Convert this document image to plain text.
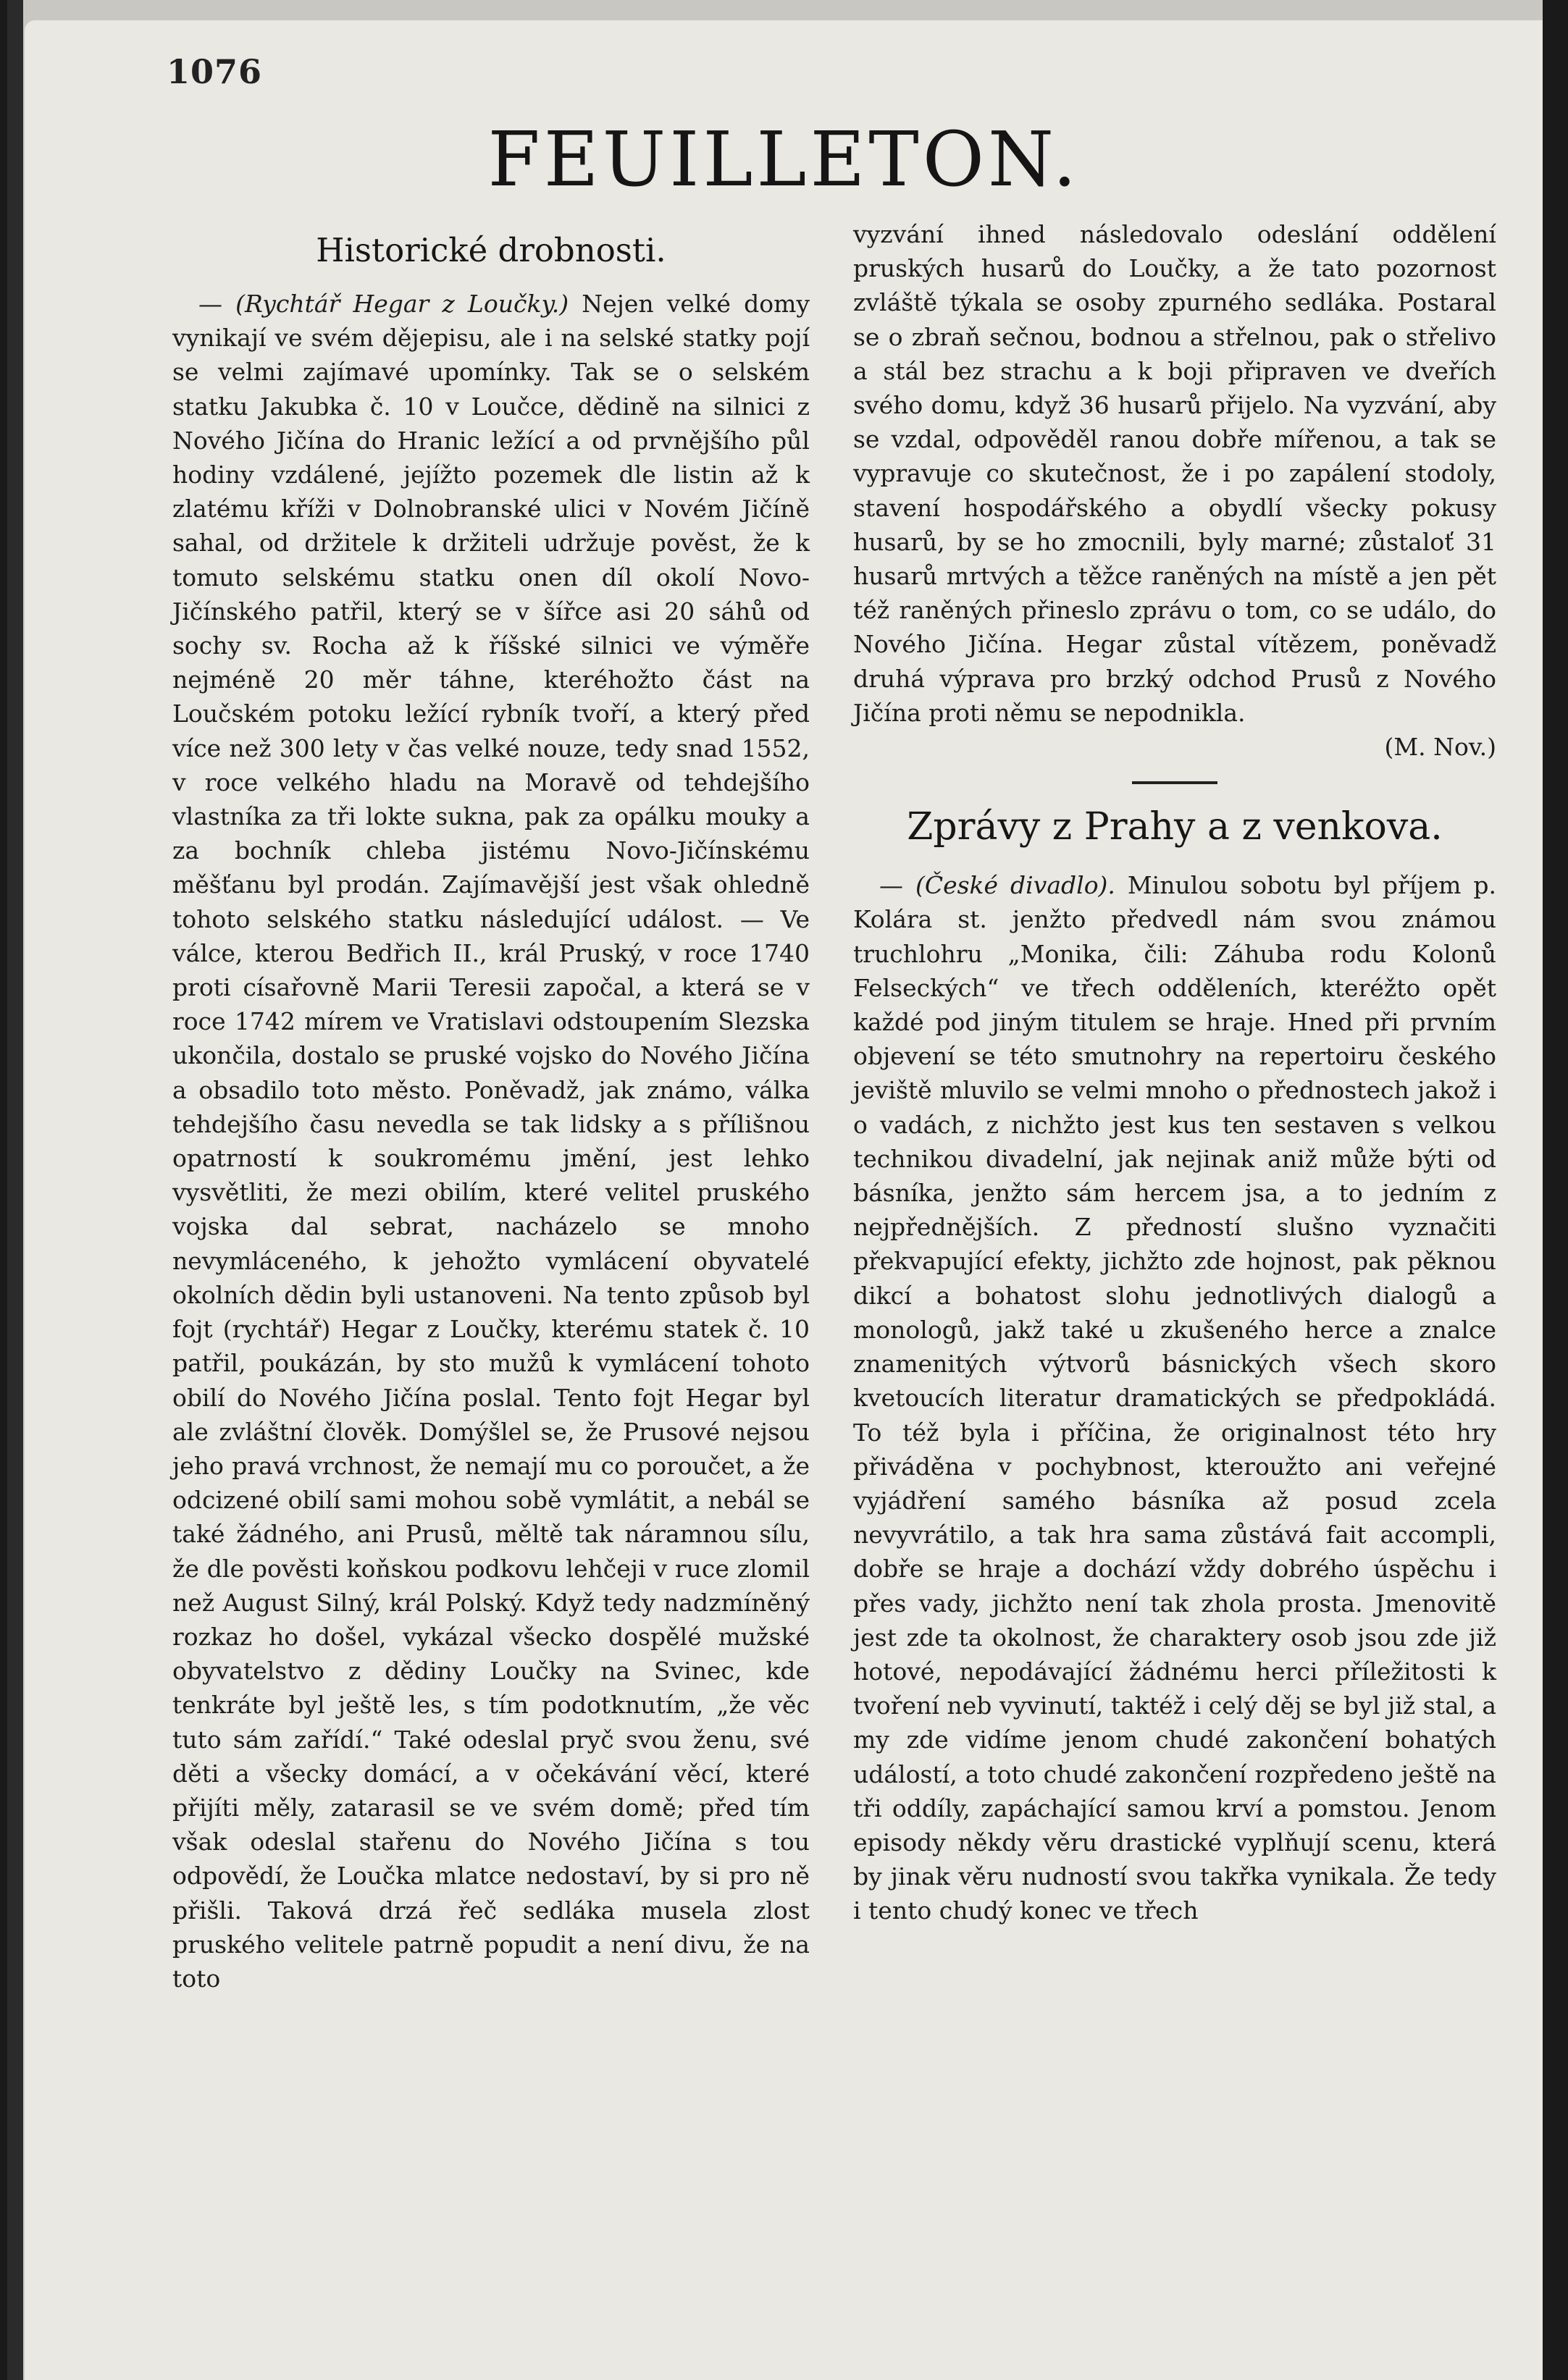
1076
FEUILLETON.
Historické drobnosti.

— (Rychtář Hegar z Loučky.) Nejen velké domy vynikají ve svém dějepisu, ale i na selské statky pojí se velmi zajímavé upomínky. Tak se o selském statku Jakubka č. 10 v Loučce, dědině na silnici z Nového Jičína do Hranic ležící a od prvnějšího půl hodiny vzdálené, jejížto pozemek dle listin až k zlatému kříži v Dolnobranské ulici v Novém Jičíně sahal, od držitele k držiteli udržuje pověst, že k tomuto selskému statku onen díl okolí Novo-Jičínského patřil, který se v šířce asi 20 sáhů od sochy sv. Rocha až k říšské silnici ve výměře nejméně 20 měr táhne, kteréhožto část na Loučském potoku ležící rybník tvoří, a který před více než 300 lety v čas velké nouze, tedy snad 1552, v roce velkého hladu na Moravě od tehdejšího vlastníka za tři lokte sukna, pak za opálku mouky a za bochník chleba jistému Novo-Jičínskému měšťanu byl prodán. Zajímavější jest však ohledně tohoto selského statku následující událost. — Ve válce, kterou Bedřich II., král Pruský, v roce 1740 proti císařovně Marii Teresii započal, a která se v roce 1742 mírem ve Vratislavi odstoupením Slezska ukončila, dostalo se pruské vojsko do Nového Jičína a obsadilo toto město. Poněvadž, jak známo, válka tehdejšího času nevedla se tak lidsky a s přílišnou opatrností k soukromému jmění, jest lehko vysvětliti, že mezi obilím, které velitel pruského vojska dal sebrat, nacházelo se mnoho nevymláceného, k jehožto vymlácení obyvatelé okolních dědin byli ustanoveni. Na tento způsob byl fojt (rychtář) Hegar z Loučky, kterému statek č. 10 patřil, poukázán, by sto mužů k vymlácení tohoto obilí do Nového Jičína poslal. Tento fojt Hegar byl ale zvláštní člověk. Domýšlel se, že Prusové nejsou jeho pravá vrchnost, že nemají mu co poroučet, a že odcizené obilí sami mohou sobě vymlátit, a nebál se také žádného, ani Prusů, měltě tak náramnou sílu, že dle pověsti koňskou podkovu lehčeji v ruce zlomil než August Silný, král Polský. Když tedy nadzmíněný rozkaz ho došel, vykázal všecko dospělé mužské obyvatelstvo z dědiny Loučky na Svinec, kde tenkráte byl ještě les, s tím podotknutím, „že věc tuto sám zařídí.“ Také odeslal pryč svou ženu, své děti a všecky domácí, a v očekávání věcí, které přijíti měly, zatarasil se ve svém domě; před tím však odeslal stařenu do Nového Jičína s tou odpovědí, že Loučka mlatce nedostaví, by si pro ně přišli. Taková drzá řeč sedláka musela zlost pruského velitele patrně popudit a není divu, že na toto

vyzvání ihned následovalo odeslání oddělení pruských husarů do Loučky, a že tato pozornost zvláště týkala se osoby zpurného sedláka. Postaral se o zbraň sečnou, bodnou a střelnou, pak o střelivo a stál bez strachu a k boji připraven ve dveřích svého domu, když 36 husarů přijelo. Na vyzvání, aby se vzdal, odpověděl ranou dobře mířenou, a tak se vypravuje co skutečnost, že i po zapálení stodoly, stavení hospodářského a obydlí všecky pokusy husarů, by se ho zmocnili, byly marné; zůstaloť 31 husarů mrtvých a těžce raněných na místě a jen pět též raněných přineslo zprávu o tom, co se událo, do Nového Jičína. Hegar zůstal vítězem, poněvadž druhá výprava pro brzký odchod Prusů z Nového Jičína proti němu se nepodnikla.
(M. Nov.)

Zprávy z Prahy a z venkova.

— (České divadlo). Minulou sobotu byl příjem p. Kolára st. jenžto předvedl nám svou známou truchlohru „Monika, čili: Záhuba rodu Kolonů Felseckých“ ve třech odděleních, kteréžto opět každé pod jiným titulem se hraje. Hned při prvním objevení se této smutnohry na repertoiru českého jeviště mluvilo se velmi mnoho o přednostech jakož i o vadách, z nichžto jest kus ten sestaven s velkou technikou divadelní, jak nejinak aniž může býti od básníka, jenžto sám hercem jsa, a to jedním z nejpřednějších. Z předností slušno vyznačiti překvapující efekty, jichžto zde hojnost, pak pěknou dikcí a bohatost slohu jednotlivých dialogů a monologů, jakž také u zkušeného herce a znalce znamenitých výtvorů básnických všech skoro kvetoucích literatur dramatických se předpokládá. To též byla i příčina, že originalnost této hry přiváděna v pochybnost, kteroužto ani veřejné vyjádření samého básníka až posud zcela nevyvrátilo, a tak hra sama zůstává fait accompli, dobře se hraje a dochází vždy dobrého úspěchu i přes vady, jichžto není tak zhola prosta. Jmenovitě jest zde ta okolnost, že charaktery osob jsou zde již hotové, nepodávající žádnému herci příležitosti k tvoření neb vyvinutí, taktéž i celý děj se byl již stal, a my zde vidíme jenom chudé zakončení bohatých událostí, a toto chudé zakončení rozpředeno ještě na tři oddíly, zapáchající samou krví a pomstou. Jenom episody někdy věru drastické vyplňují scenu, která by jinak věru nudností svou takřka vynikala. Že tedy i tento chudý konec ve třech
